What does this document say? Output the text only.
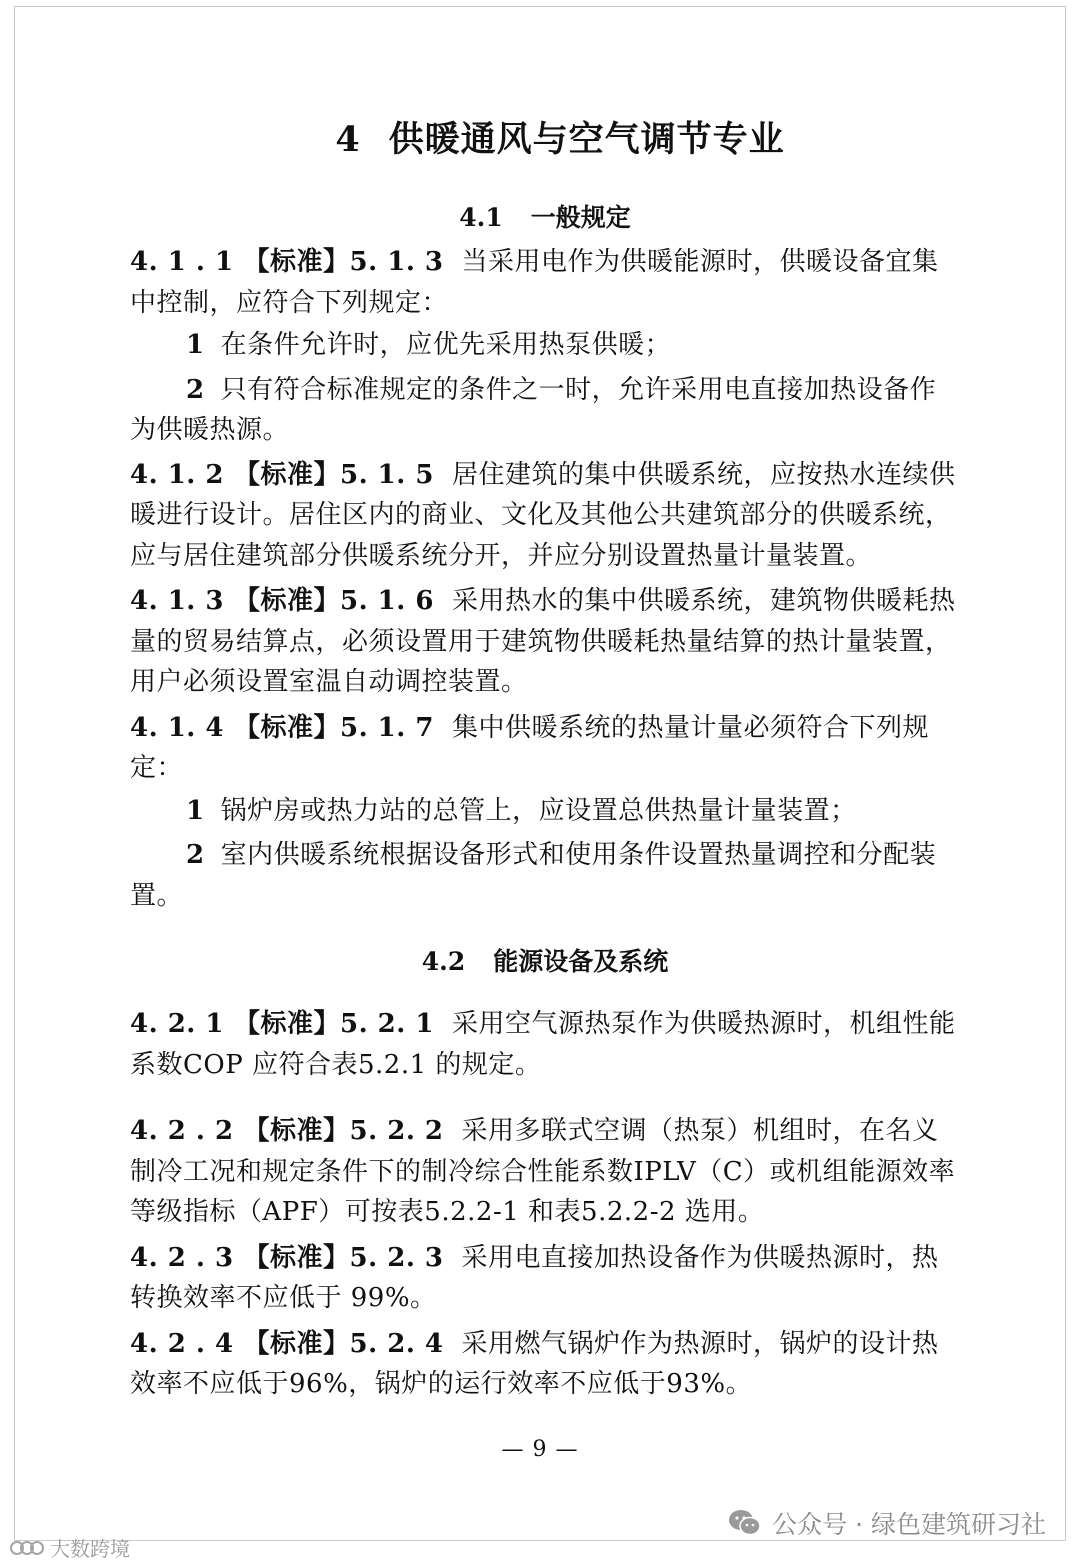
4 供暖通风与空气调节专业
4.1 一般规定

4. 1 . 1 【标准】5. 1. 3 当采用电作为供暖能源时，供暖设备宜集中控制，应符合下列规定：

1 在条件允许时，应优先采用热泵供暖；

2 只有符合标准规定的条件之一时，允许采用电直接加热设备作为供暖热源。

4. 1. 2 【标准】5. 1. 5 居住建筑的集中供暖系统，应按热水连续供暖进行设计。居住区内的商业、文化及其他公共建筑部分的供暖系统，应与居住建筑部分供暖系统分开，并应分别设置热量计量装置。

4. 1. 3 【标准】5. 1. 6 采用热水的集中供暖系统，建筑物供暖耗热量的贸易结算点，必须设置用于建筑物供暖耗热量结算的热计量装置，用户必须设置室温自动调控装置。

4. 1. 4 【标准】5. 1. 7 集中供暖系统的热量计量必须符合下列规定：

1 锅炉房或热力站的总管上，应设置总供热量计量装置；

2 室内供暖系统根据设备形式和使用条件设置热量调控和分配装置。

4.2 能源设备及系统

4. 2. 1 【标准】5. 2. 1 采用空气源热泵作为供暖热源时，机组性能系数COP 应符合表5.2.1 的规定。

4. 2 . 2 【标准】5. 2. 2 采用多联式空调（热泵）机组时，在名义制冷工况和规定条件下的制冷综合性能系数IPLV（C）或机组能源效率等级指标（APF）可按表5.2.2-1 和表5.2.2-2 选用。

4. 2 . 3 【标准】5. 2. 3 采用电直接加热设备作为供暖热源时，热转换效率不应低于 99%。

4. 2 . 4 【标准】5. 2. 4 采用燃气锅炉作为热源时，锅炉的设计热效率不应低于96%，锅炉的运行效率不应低于93%。

— 9 —
公众号 · 绿色建筑研习社
大数跨境
